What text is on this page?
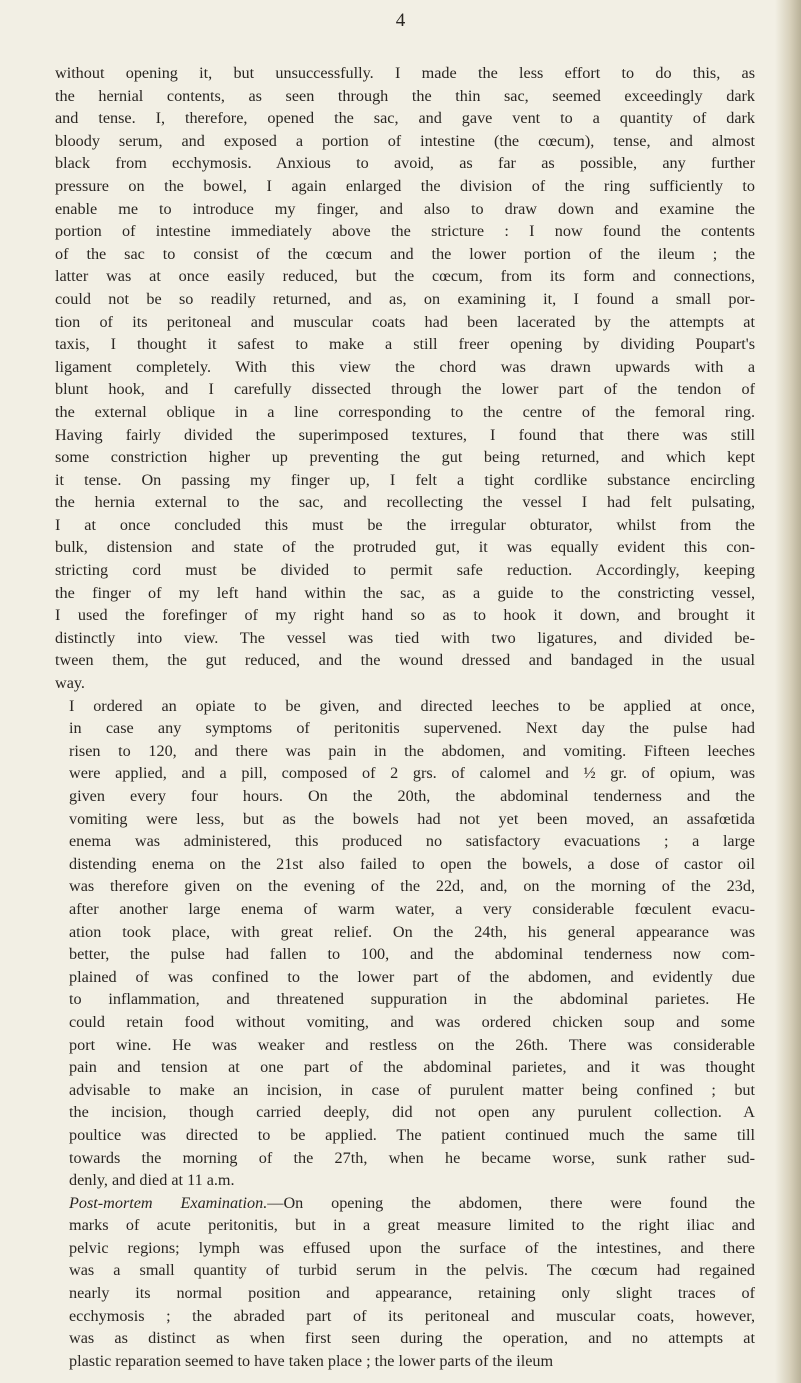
4

without opening it, but unsuccessfully. I made the less effort to do this, as
the hernial contents, as seen through the thin sac, seemed exceedingly dark
and tense. I, therefore, opened the sac, and gave vent to a quantity of dark
bloody serum, and exposed a portion of intestine (the cœcum), tense, and almost
black from ecchymosis. Anxious to avoid, as far as possible, any further
pressure on the bowel, I again enlarged the division of the ring sufficiently to
enable me to introduce my finger, and also to draw down and examine the
portion of intestine immediately above the stricture : I now found the contents
of the sac to consist of the cœcum and the lower portion of the ileum ; the
latter was at once easily reduced, but the cœcum, from its form and connections,
could not be so readily returned, and as, on examining it, I found a small por-
tion of its peritoneal and muscular coats had been lacerated by the attempts at
taxis, I thought it safest to make a still freer opening by dividing Poupart's
ligament completely. With this view the chord was drawn upwards with a
blunt hook, and I carefully dissected through the lower part of the tendon of
the external oblique in a line corresponding to the centre of the femoral ring.
Having fairly divided the superimposed textures, I found that there was still
some constriction higher up preventing the gut being returned, and which kept
it tense. On passing my finger up, I felt a tight cordlike substance encircling
the hernia external to the sac, and recollecting the vessel I had felt pulsating,
I at once concluded this must be the irregular obturator, whilst from the
bulk, distension and state of the protruded gut, it was equally evident this con-
stricting cord must be divided to permit safe reduction. Accordingly, keeping
the finger of my left hand within the sac, as a guide to the constricting vessel,
I used the forefinger of my right hand so as to hook it down, and brought it
distinctly into view. The vessel was tied with two ligatures, and divided be-
tween them, the gut reduced, and the wound dressed and bandaged in the usual
way.

I ordered an opiate to be given, and directed leeches to be applied at once,
in case any symptoms of peritonitis supervened. Next day the pulse had
risen to 120, and there was pain in the abdomen, and vomiting. Fifteen leeches
were applied, and a pill, composed of 2 grs. of calomel and ½ gr. of opium, was
given every four hours. On the 20th, the abdominal tenderness and the
vomiting were less, but as the bowels had not yet been moved, an assafœtida
enema was administered, this produced no satisfactory evacuations ; a large
distending enema on the 21st also failed to open the bowels, a dose of castor oil
was therefore given on the evening of the 22d, and, on the morning of the 23d,
after another large enema of warm water, a very considerable fœculent evacu-
ation took place, with great relief. On the 24th, his general appearance was
better, the pulse had fallen to 100, and the abdominal tenderness now com-
plained of was confined to the lower part of the abdomen, and evidently due
to inflammation, and threatened suppuration in the abdominal parietes. He
could retain food without vomiting, and was ordered chicken soup and some
port wine. He was weaker and restless on the 26th. There was considerable
pain and tension at one part of the abdominal parietes, and it was thought
advisable to make an incision, in case of purulent matter being confined ; but
the incision, though carried deeply, did not open any purulent collection. A
poultice was directed to be applied. The patient continued much the same till
towards the morning of the 27th, when he became worse, sunk rather sud-
denly, and died at 11 a.m.

Post-mortem Examination.—On opening the abdomen, there were found the
marks of acute peritonitis, but in a great measure limited to the right iliac and
pelvic regions; lymph was effused upon the surface of the intestines, and there
was a small quantity of turbid serum in the pelvis. The cœcum had regained
nearly its normal position and appearance, retaining only slight traces of
ecchymosis ; the abraded part of its peritoneal and muscular coats, however,
was as distinct as when first seen during the operation, and no attempts at
plastic reparation seemed to have taken place ; the lower parts of the ileum
